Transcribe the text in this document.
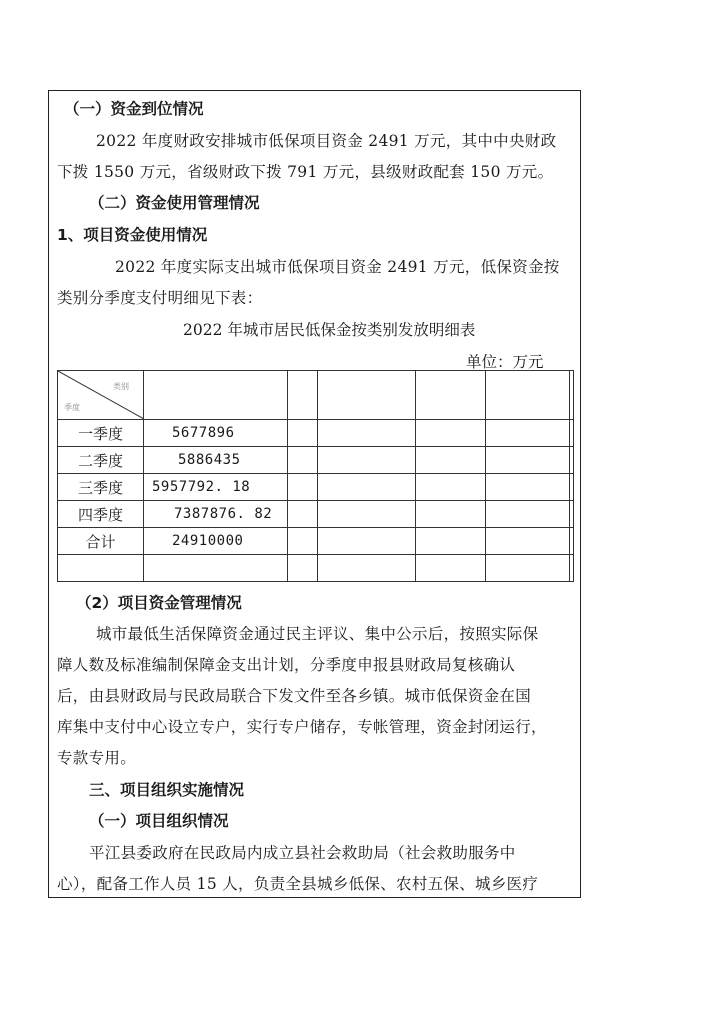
（一）资金到位情况
2022 年度财政安排城市低保项目资金 2491 万元，其中中央财政
下拨 1550 万元，省级财政下拨 791 万元，县级财政配套 150 万元。
（二）资金使用管理情况
1、项目资金使用情况
2022 年度实际支出城市低保项目资金 2491 万元，低保资金按
类别分季度支付明细见下表：
2022 年城市居民低保金按类别发放明细表
单位：万元
类别
季度						

一季度	5677896					
二季度	5886435					
三季度	5957792. 18					
四季度	7387876. 82					
合计	24910000					

（2）项目资金管理情况
城市最低生活保障资金通过民主评议、集中公示后，按照实际保
障人数及标准编制保障金支出计划，分季度申报县财政局复核确认
后，由县财政局与民政局联合下发文件至各乡镇。城市低保资金在国
库集中支付中心设立专户，实行专户储存，专帐管理，资金封闭运行，
专款专用。
三、项目组织实施情况
（一）项目组织情况
平江县委政府在民政局内成立县社会救助局（社会救助服务中
心），配备工作人员 15 人，负责全县城乡低保、农村五保、城乡医疗
